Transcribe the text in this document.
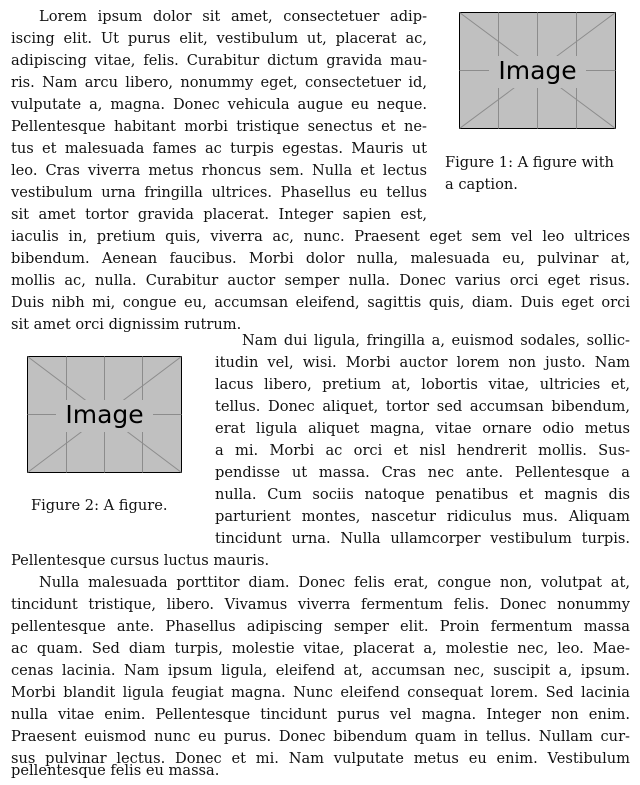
Lorem ipsum dolor sit amet, consectetuer adip-
iscing elit. Ut purus elit, vestibulum ut, placerat ac,
adipiscing vitae, felis. Curabitur dictum gravida mau-
ris. Nam arcu libero, nonummy eget, consectetuer id,
vulputate a, magna. Donec vehicula augue eu neque.
Pellentesque habitant morbi tristique senectus et ne-
tus et malesuada fames ac turpis egestas. Mauris ut
leo. Cras viverra metus rhoncus sem. Nulla et lectus
vestibulum urna fringilla ultrices. Phasellus eu tellus
sit amet tortor gravida placerat. Integer sapien est,
iaculis in, pretium quis, viverra ac, nunc. Praesent eget sem vel leo ultrices
bibendum. Aenean faucibus. Morbi dolor nulla, malesuada eu, pulvinar at,
mollis ac, nulla. Curabitur auctor semper nulla. Donec varius orci eget risus.
Duis nibh mi, congue eu, accumsan eleifend, sagittis quis, diam. Duis eget orci
sit amet orci dignissim rutrum.
Image
Figure 1: A figure with
a caption.
Image
Figure 2: A figure.
Nam dui ligula, fringilla a, euismod sodales, sollic-
itudin vel, wisi. Morbi auctor lorem non justo. Nam
lacus libero, pretium at, lobortis vitae, ultricies et,
tellus. Donec aliquet, tortor sed accumsan bibendum,
erat ligula aliquet magna, vitae ornare odio metus
a mi. Morbi ac orci et nisl hendrerit mollis. Sus-
pendisse ut massa. Cras nec ante. Pellentesque a
nulla. Cum sociis natoque penatibus et magnis dis
parturient montes, nascetur ridiculus mus. Aliquam
tincidunt urna. Nulla ullamcorper vestibulum turpis.
Pellentesque cursus luctus mauris.
Nulla malesuada porttitor diam. Donec felis erat, congue non, volutpat at,
tincidunt tristique, libero. Vivamus viverra fermentum felis. Donec nonummy
pellentesque ante. Phasellus adipiscing semper elit. Proin fermentum massa
ac quam. Sed diam turpis, molestie vitae, placerat a, molestie nec, leo. Mae-
cenas lacinia. Nam ipsum ligula, eleifend at, accumsan nec, suscipit a, ipsum.
Morbi blandit ligula feugiat magna. Nunc eleifend consequat lorem. Sed lacinia
nulla vitae enim. Pellentesque tincidunt purus vel magna. Integer non enim.
Praesent euismod nunc eu purus. Donec bibendum quam in tellus. Nullam cur-
sus pulvinar lectus. Donec et mi. Nam vulputate metus eu enim. Vestibulum
pellentesque felis eu massa.
